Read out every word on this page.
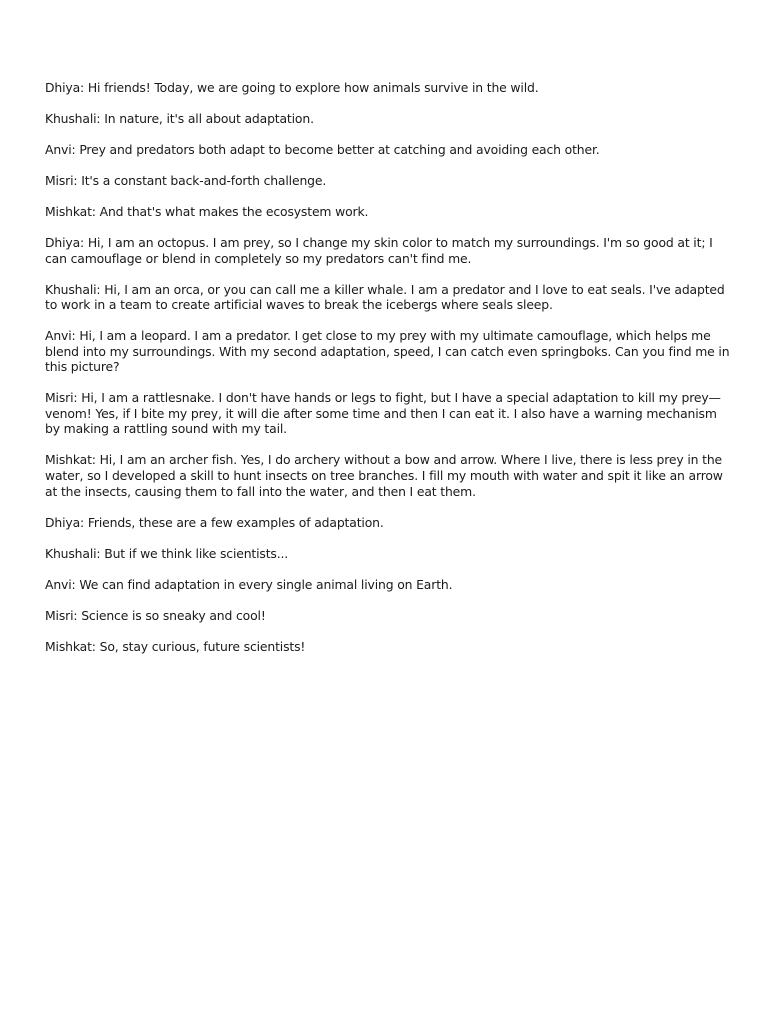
Dhiya: Hi friends! Today, we are going to explore how animals survive in the wild.

Khushali: In nature, it's all about adaptation.

Anvi: Prey and predators both adapt to become better at catching and avoiding each other.

Misri: It's a constant back-and-forth challenge.

Mishkat: And that's what makes the ecosystem work.

Dhiya: Hi, I am an octopus. I am prey, so I change my skin color to match my surroundings. I'm so good at it; I can camouflage or blend in completely so my predators can't find me.

Khushali: Hi, I am an orca, or you can call me a killer whale. I am a predator and I love to eat seals. I've adapted to work in a team to create artificial waves to break the icebergs where seals sleep.

Anvi: Hi, I am a leopard. I am a predator. I get close to my prey with my ultimate camouflage, which helps me blend into my surroundings. With my second adaptation, speed, I can catch even springboks. Can you find me in this picture?

Misri: Hi, I am a rattlesnake. I don't have hands or legs to fight, but I have a special adaptation to kill my prey—venom! Yes, if I bite my prey, it will die after some time and then I can eat it. I also have a warning mechanism by making a rattling sound with my tail.

Mishkat: Hi, I am an archer fish. Yes, I do archery without a bow and arrow. Where I live, there is less prey in the water, so I developed a skill to hunt insects on tree branches. I fill my mouth with water and spit it like an arrow at the insects, causing them to fall into the water, and then I eat them.

Dhiya: Friends, these are a few examples of adaptation.

Khushali: But if we think like scientists...

Anvi: We can find adaptation in every single animal living on Earth.

Misri: Science is so sneaky and cool!

Mishkat: So, stay curious, future scientists!
